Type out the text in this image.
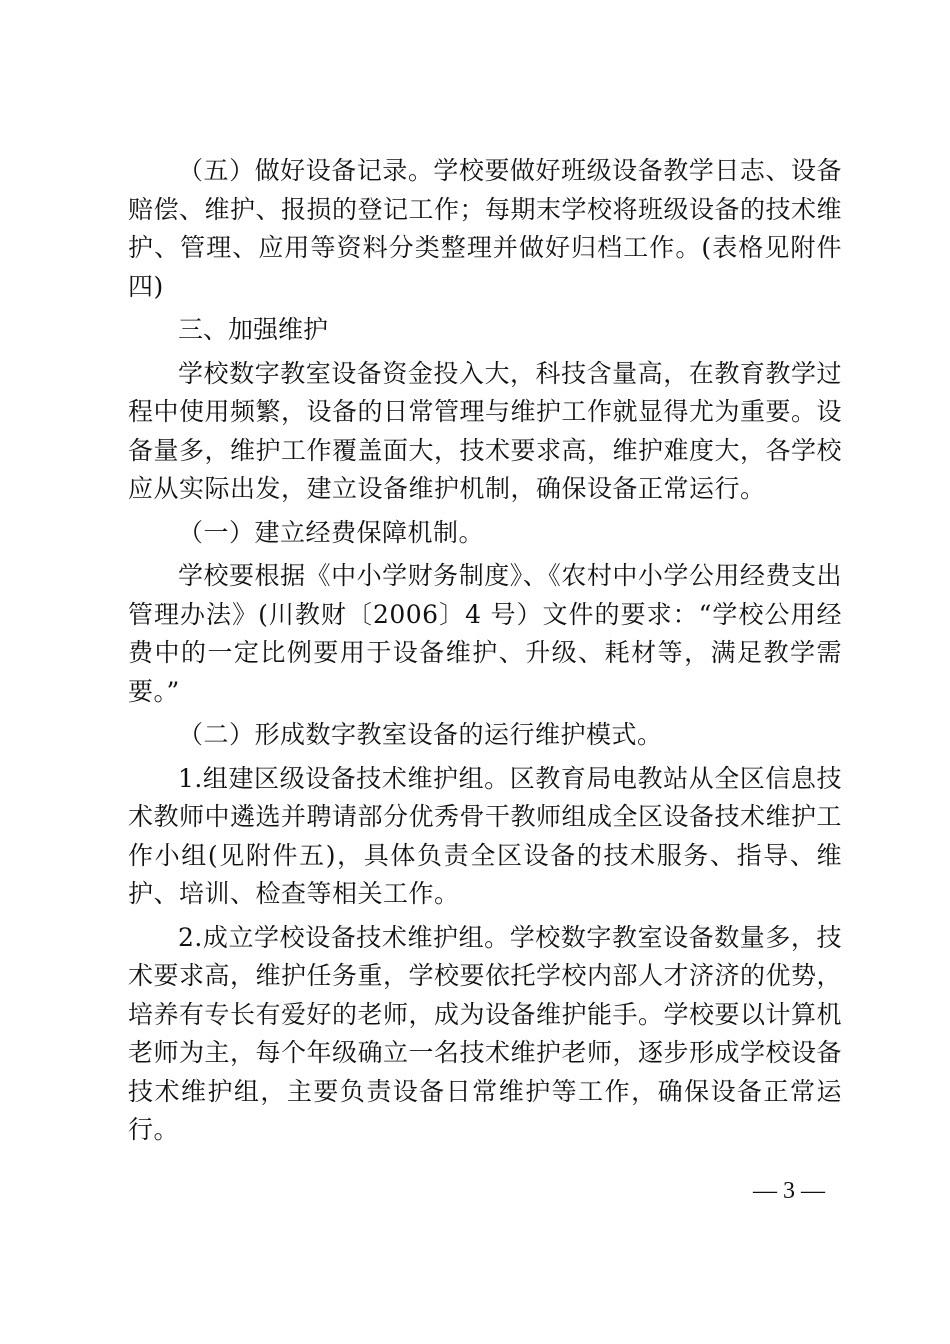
（五）做好设备记录。学校要做好班级设备教学日志、设备赔偿、维护、报损的登记工作；每期末学校将班级设备的技术维护、管理、应用等资料分类整理并做好归档工作。(表格见附件四)

三、加强维护

学校数字教室设备资金投入大，科技含量高，在教育教学过程中使用频繁，设备的日常管理与维护工作就显得尤为重要。设备量多，维护工作覆盖面大，技术要求高，维护难度大，各学校应从实际出发，建立设备维护机制，确保设备正常运行。

（一）建立经费保障机制。

学校要根据《中小学财务制度》、《农村中小学公用经费支出管理办法》(川教财〔2006〕4 号）文件的要求：“学校公用经费中的一定比例要用于设备维护、升级、耗材等，满足教学需要。”

（二）形成数字教室设备的运行维护模式。

1.组建区级设备技术维护组。区教育局电教站从全区信息技术教师中遴选并聘请部分优秀骨干教师组成全区设备技术维护工作小组(见附件五)，具体负责全区设备的技术服务、指导、维护、培训、检查等相关工作。

2.成立学校设备技术维护组。学校数字教室设备数量多，技术要求高，维护任务重，学校要依托学校内部人才济济的优势，培养有专长有爱好的老师，成为设备维护能手。学校要以计算机老师为主，每个年级确立一名技术维护老师，逐步形成学校设备技术维护组，主要负责设备日常维护等工作，确保设备正常运行。

— 3 —
